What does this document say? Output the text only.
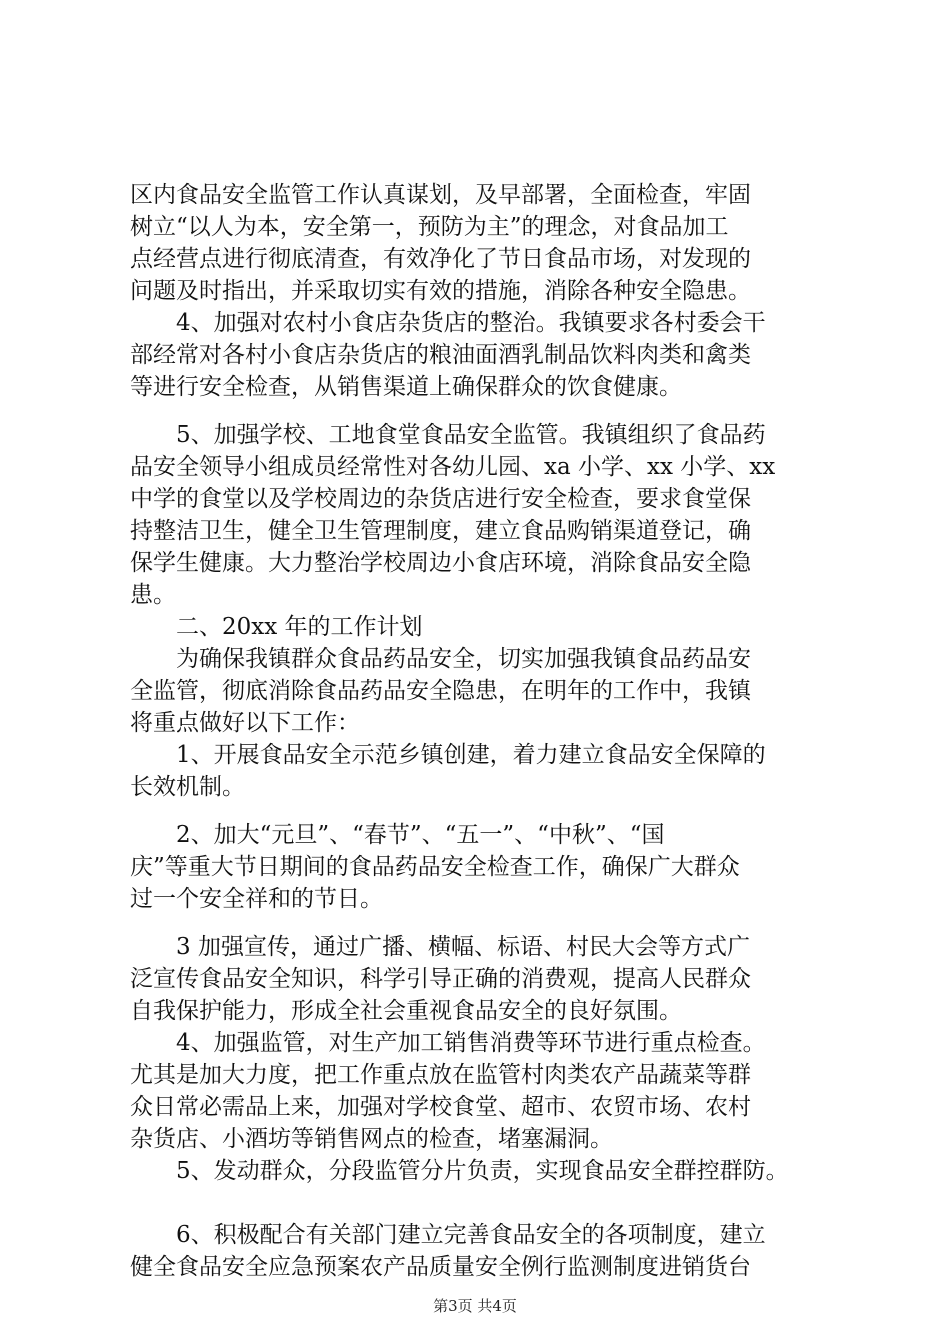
区内食品安全监管工作认真谋划，及早部署，全面检查，牢固
树立“以人为本，安全第一，预防为主”的理念，对食品加工
点经营点进行彻底清查，有效净化了节日食品市场，对发现的
问题及时指出，并采取切实有效的措施，消除各种安全隐患。
4、加强对农村小食店杂货店的整治。我镇要求各村委会干
部经常对各村小食店杂货店的粮油面酒乳制品饮料肉类和禽类
等进行安全检查，从销售渠道上确保群众的饮食健康。
5、加强学校、工地食堂食品安全监管。我镇组织了食品药
品安全领导小组成员经常性对各幼儿园、xa 小学、xx 小学、xx
中学的食堂以及学校周边的杂货店进行安全检查，要求食堂保
持整洁卫生，健全卫生管理制度，建立食品购销渠道登记，确
保学生健康。大力整治学校周边小食店环境，消除食品安全隐
患。
二、20xx 年的工作计划
为确保我镇群众食品药品安全，切实加强我镇食品药品安
全监管，彻底消除食品药品安全隐患，在明年的工作中，我镇
将重点做好以下工作：
1、开展食品安全示范乡镇创建，着力建立食品安全保障的
长效机制。
2、加大“元旦”、“春节”、“五一”、“中秋”、“国
庆”等重大节日期间的食品药品安全检查工作，确保广大群众
过一个安全祥和的节日。
3 加强宣传，通过广播、横幅、标语、村民大会等方式广
泛宣传食品安全知识，科学引导正确的消费观，提高人民群众
自我保护能力，形成全社会重视食品安全的良好氛围。
4、加强监管，对生产加工销售消费等环节进行重点检查。
尤其是加大力度，把工作重点放在监管村肉类农产品蔬菜等群
众日常必需品上来，加强对学校食堂、超市、农贸市场、农村
杂货店、小酒坊等销售网点的检查，堵塞漏洞。
5、发动群众，分段监管分片负责，实现食品安全群控群防。
6、积极配合有关部门建立完善食品安全的各项制度，建立
健全食品安全应急预案农产品质量安全例行监测制度进销货台
第3页 共4页
